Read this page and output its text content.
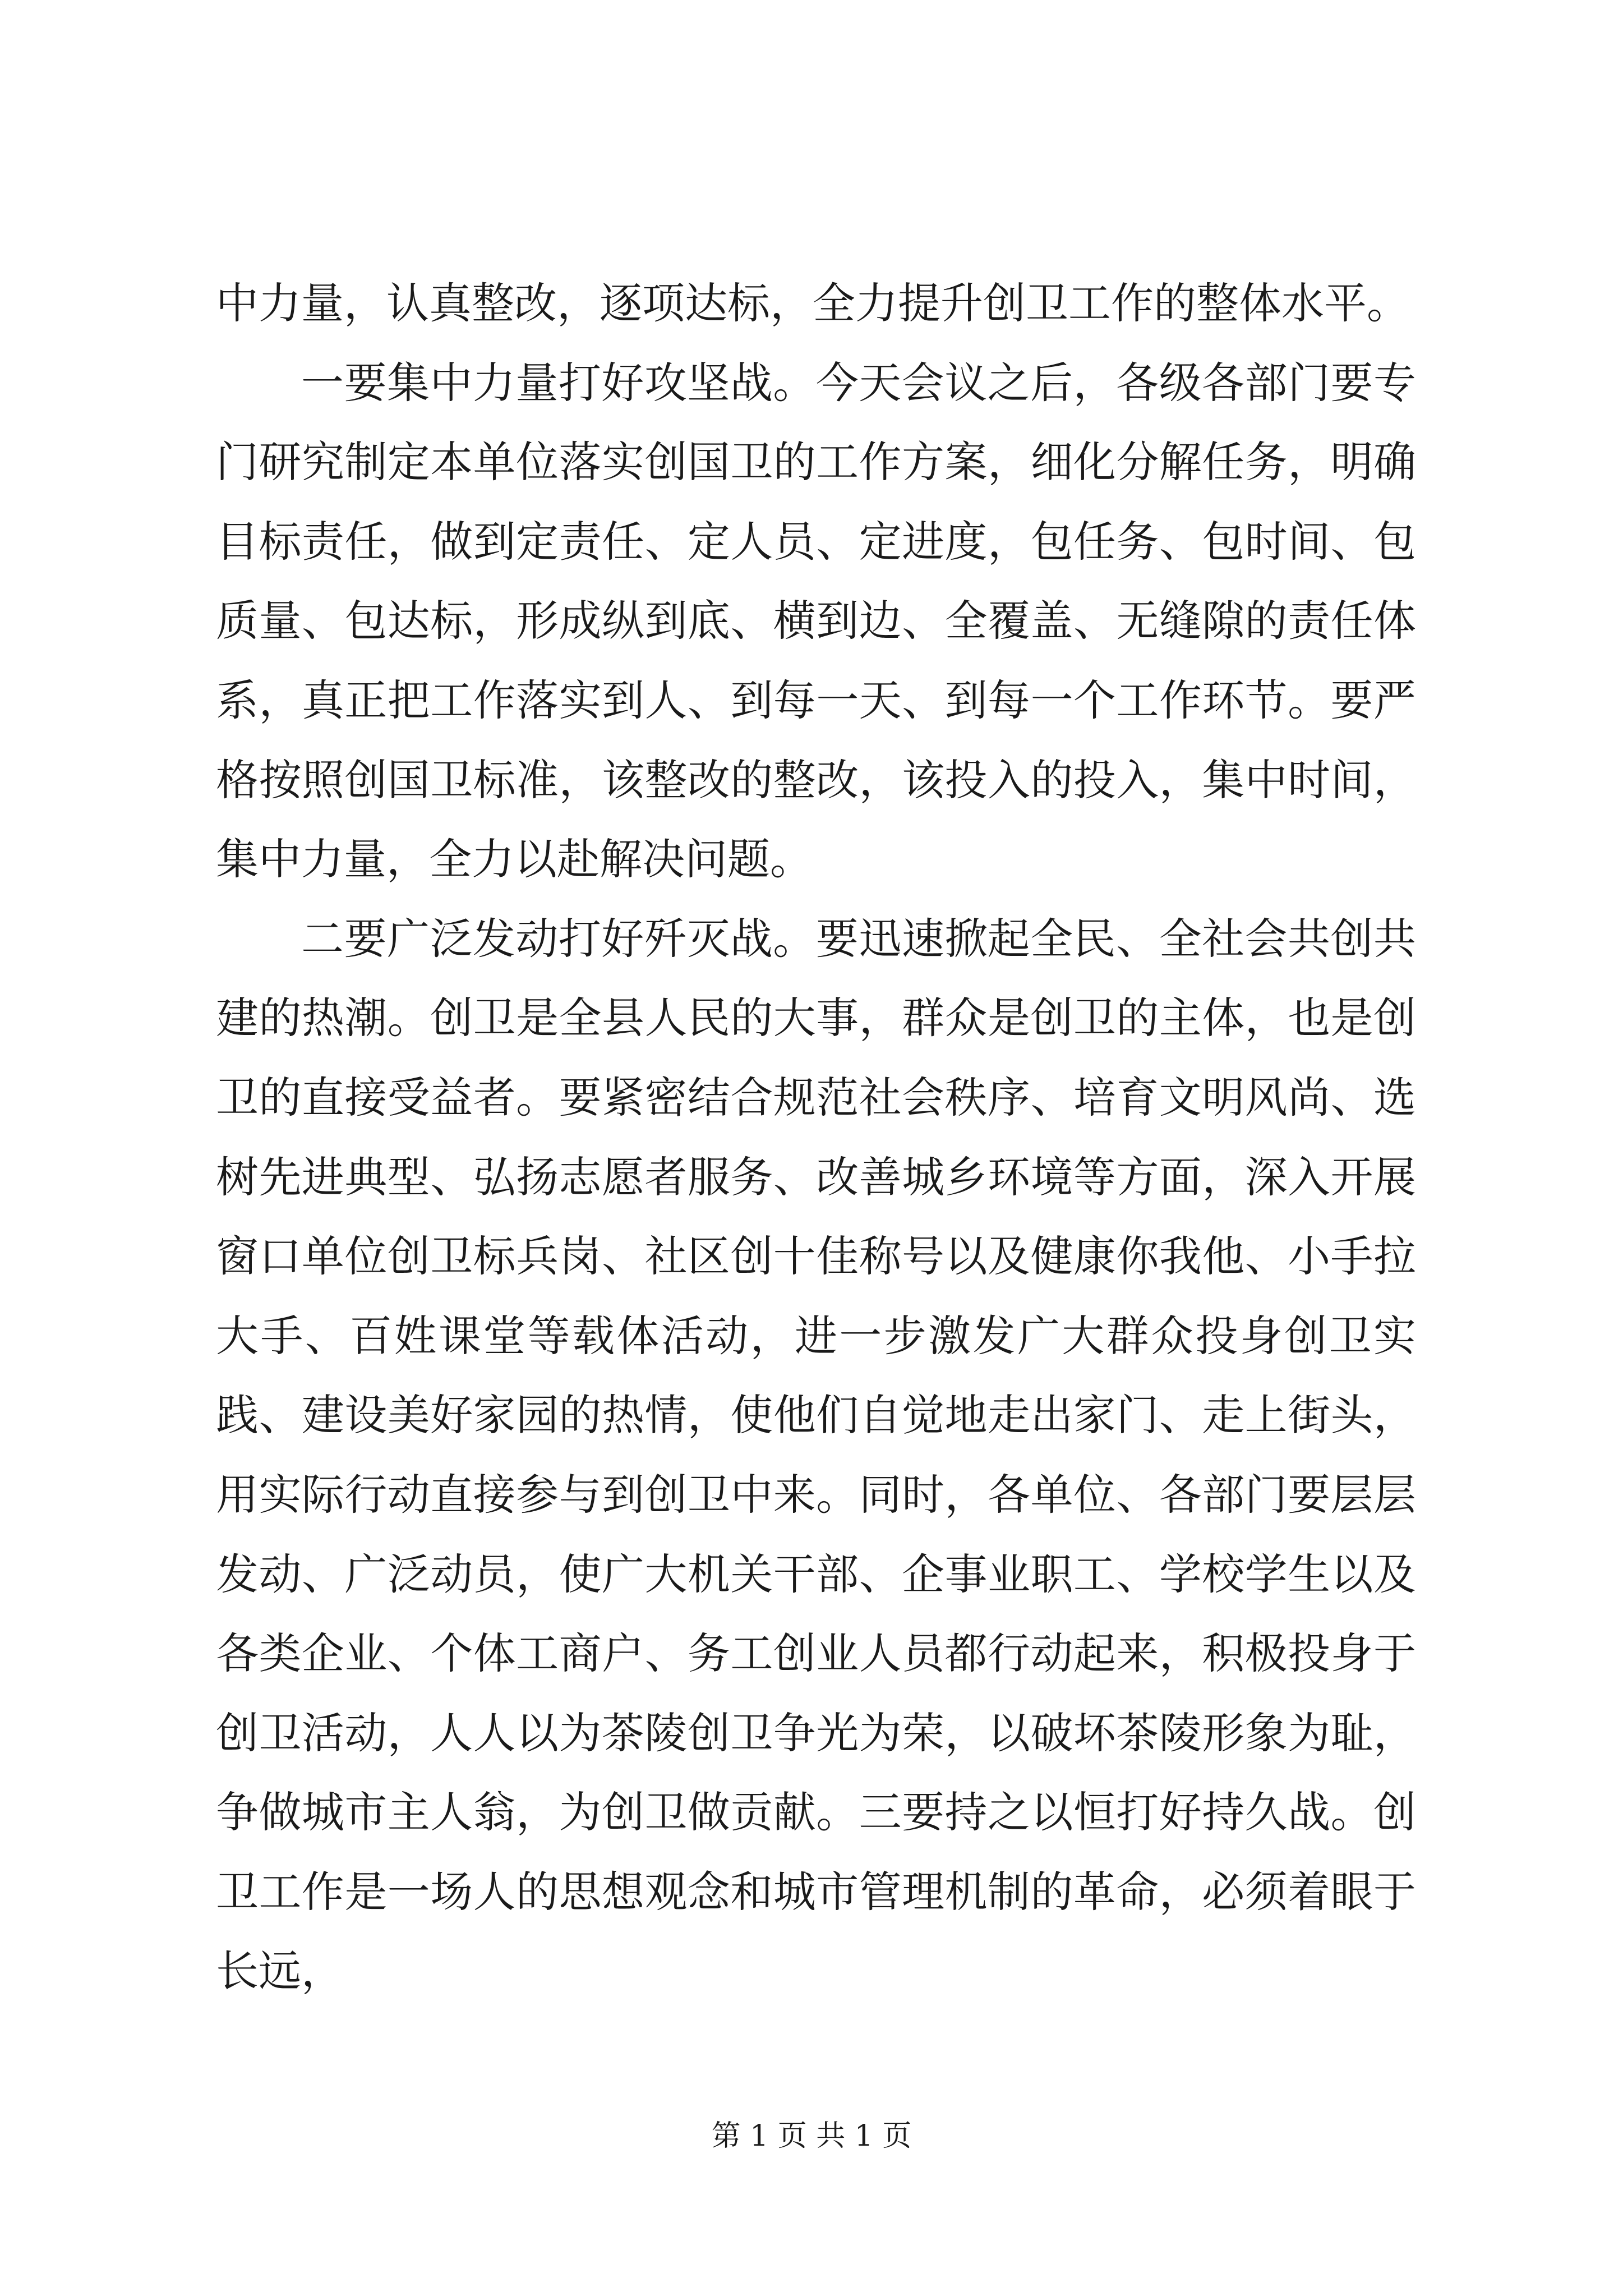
中力量，认真整改，逐项达标，全力提升创卫工作的整体水平。

一要集中力量打好攻坚战。今天会议之后，各级各部门要专门研究制定本单位落实创国卫的工作方案，细化分解任务，明确目标责任，做到定责任、定人员、定进度，包任务、包时间、包质量、包达标，形成纵到底、横到边、全覆盖、无缝隙的责任体系，真正把工作落实到人、到每一天、到每一个工作环节。要严格按照创国卫标准，该整改的整改，该投入的投入，集中时间，集中力量，全力以赴解决问题。

二要广泛发动打好歼灭战。要迅速掀起全民、全社会共创共建的热潮。创卫是全县人民的大事，群众是创卫的主体，也是创卫的直接受益者。要紧密结合规范社会秩序、培育文明风尚、选树先进典型、弘扬志愿者服务、改善城乡环境等方面，深入开展窗口单位创卫标兵岗、社区创十佳称号以及健康你我他、小手拉大手、百姓课堂等载体活动，进一步激发广大群众投身创卫实践、建设美好家园的热情，使他们自觉地走出家门、走上街头，用实际行动直接参与到创卫中来。同时，各单位、各部门要层层发动、广泛动员，使广大机关干部、企事业职工、学校学生以及各类企业、个体工商户、务工创业人员都行动起来，积极投身于创卫活动，人人以为茶陵创卫争光为荣，以破坏茶陵形象为耻，争做城市主人翁，为创卫做贡献。三要持之以恒打好持久战。创卫工作是一场人的思想观念和城市管理机制的革命，必须着眼于长远，

第 1 页 共 1 页
